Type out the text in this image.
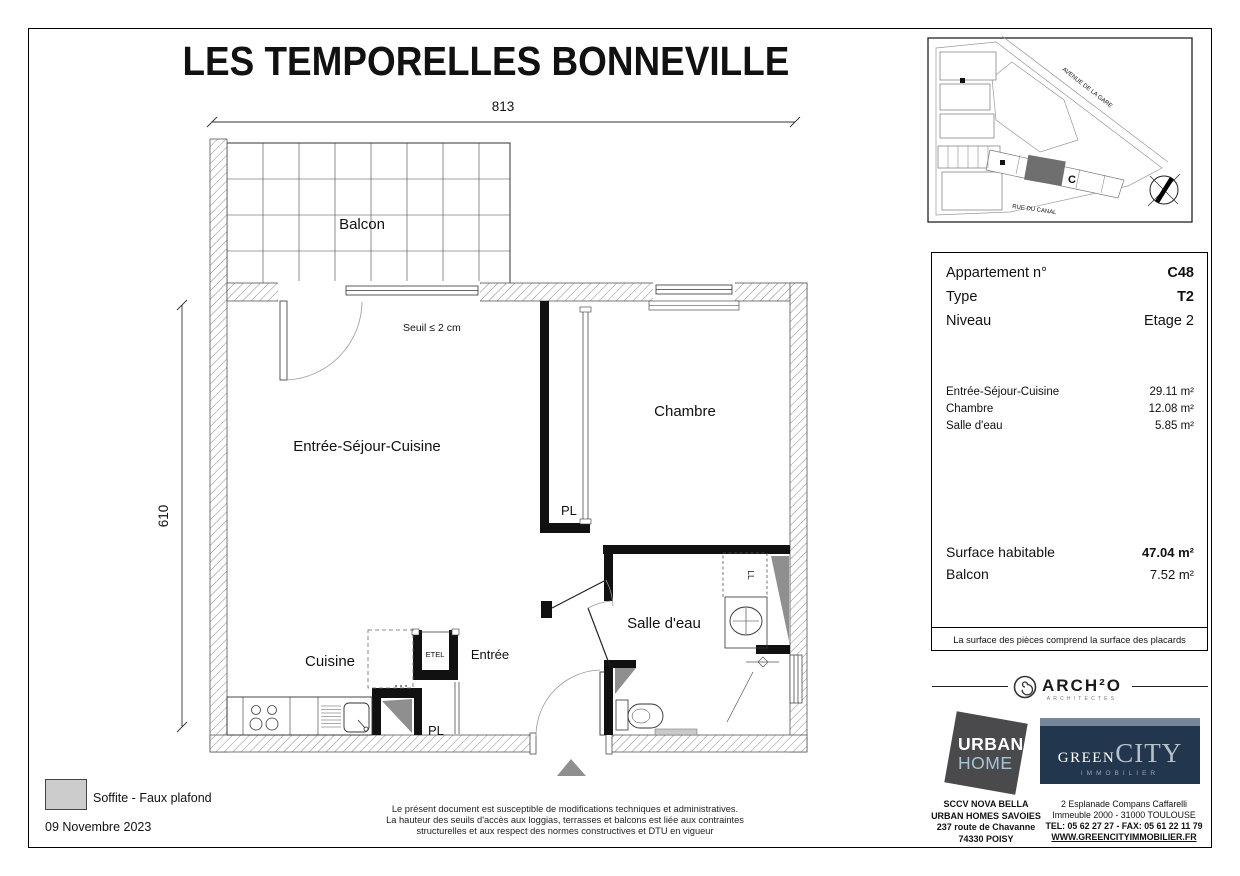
LES TEMPORELLES BONNEVILLE
813
610
Balcon
Seuil ≤ 2 cm
LL
ETEL
Entrée-Séjour-Cuisine
Chambre
Salle d'eau
Cuisine	Entrée
PL
PL
C
AVENUE DE LA GARE
RUE DU CANAL
Appartement n°	C48
Type	T2
Niveau	Etage 2
Entrée-Séjour-Cuisine	29.11 m²
Chambre	12.08 m²
Salle d'eau	5.85 m²
Surface habitable	47.04 m²
Balcon	7.52 m²
La surface des pièces comprend la surface des placards
ARCH²O
ARCHITECTES
URBAN
HOME
SCCV NOVA BELLA
URBAN HOMES SAVOIES
237 route de Chavanne
74330 POISY
GREENCITY
IMMOBILIER
2 Esplanade Compans Caffarelli
Immeuble 2000 - 31000 TOULOUSE
TEL: 05 62 27 27 - FAX: 05 61 22 11 79
WWW.GREENCITYIMMOBILIER.FR
Soffite - Faux plafond
09 Novembre 2023
Le présent document est susceptible de modifications techniques et administratives.
La hauteur des seuils d'accès aux loggias, terrasses et balcons est liée aux contraintes
structurelles et aux respect des normes constructives et DTU en vigueur
